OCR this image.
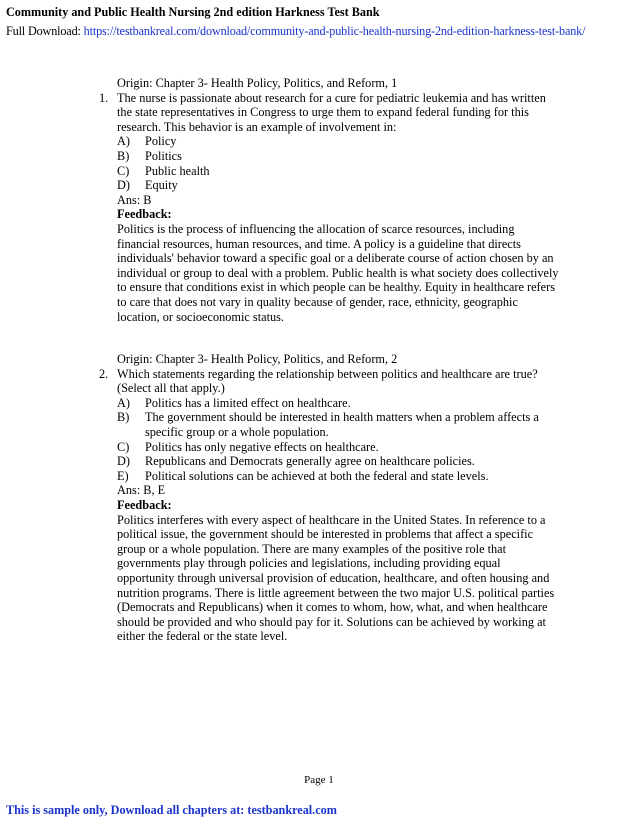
Community and Public Health Nursing 2nd edition Harkness Test Bank
Full Download: https://testbankreal.com/download/community-and-public-health-nursing-2nd-edition-harkness-test-bank/
Origin: Chapter 3- Health Policy, Politics, and Reform, 1
1. The nurse is passionate about research for a cure for pediatric leukemia and has written the state representatives in Congress to urge them to expand federal funding for this research. This behavior is an example of involvement in:
A)	Policy
B)	Politics
C)	Public health
D)	Equity
Ans: B
Feedback:
Politics is the process of influencing the allocation of scarce resources, including financial resources, human resources, and time. A policy is a guideline that directs individuals' behavior toward a specific goal or a deliberate course of action chosen by an individual or group to deal with a problem. Public health is what society does collectively to ensure that conditions exist in which people can be healthy. Equity in healthcare refers to care that does not vary in quality because of gender, race, ethnicity, geographic location, or socioeconomic status.
Origin: Chapter 3- Health Policy, Politics, and Reform, 2
2. Which statements regarding the relationship between politics and healthcare are true? (Select all that apply.)
A)	Politics has a limited effect on healthcare.
B)	The government should be interested in health matters when a problem affects a specific group or a whole population.
C)	Politics has only negative effects on healthcare.
D)	Republicans and Democrats generally agree on healthcare policies.
E)	Political solutions can be achieved at both the federal and state levels.
Ans: B, E
Feedback:
Politics interferes with every aspect of healthcare in the United States. In reference to a political issue, the government should be interested in problems that affect a specific group or a whole population. There are many examples of the positive role that governments play through policies and legislations, including providing equal opportunity through universal provision of education, healthcare, and often housing and nutrition programs. There is little agreement between the two major U.S. political parties (Democrats and Republicans) when it comes to whom, how, what, and when healthcare should be provided and who should pay for it. Solutions can be achieved by working at either the federal or the state level.
Page 1
This is sample only, Download all chapters at: testbankreal.com
